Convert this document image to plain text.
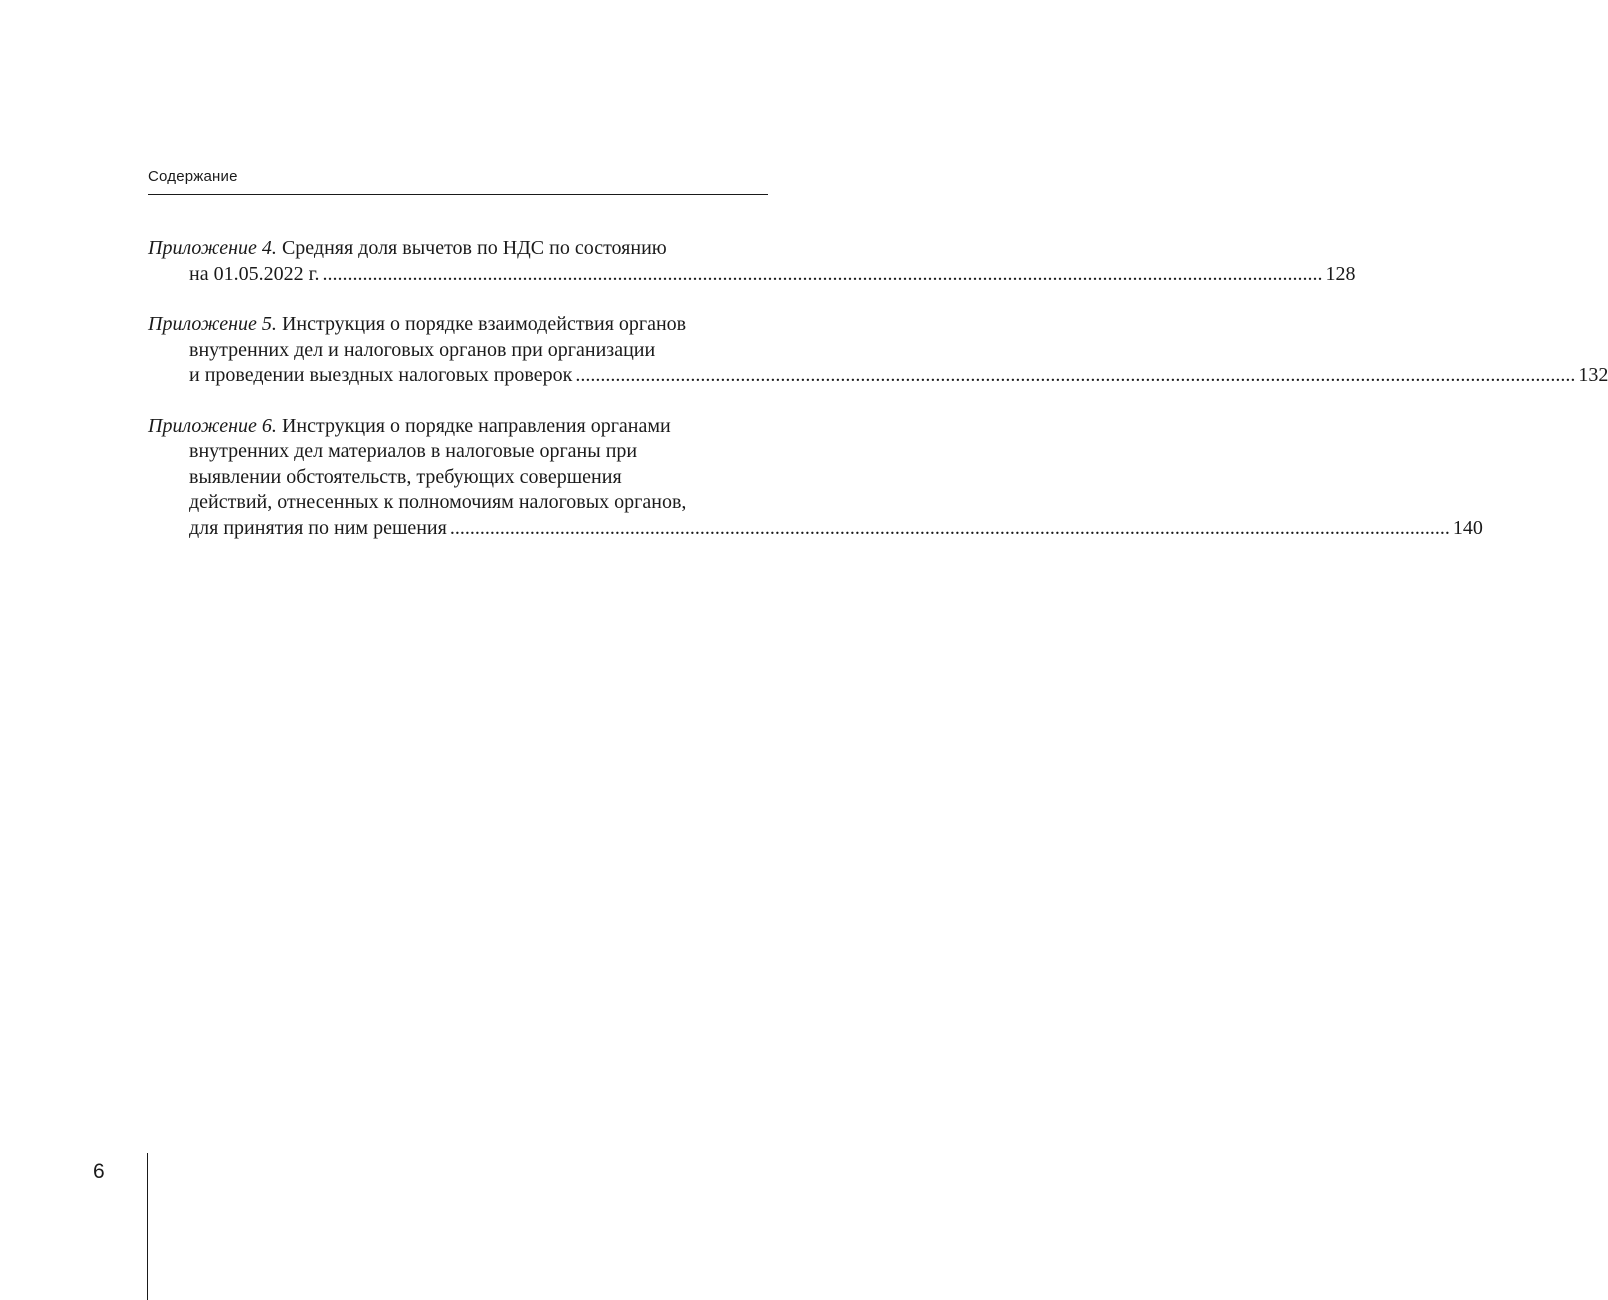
Содержание
Приложение 4. Средняя доля вычетов по НДС по состоянию
на 01.05.2022 г. ........................................................................................................................................................................................................ 128
Приложение 5. Инструкция о порядке взаимодействия органов
внутренних дел и налоговых органов при организации
и проведении выездных налоговых проверок ........................................................................................................................................................................................................ 132
Приложение 6. Инструкция о порядке направления органами
внутренних дел материалов в налоговые органы при
выявлении обстоятельств, требующих совершения
действий, отнесенных к полномочиям налоговых органов,
для принятия по ним решения ........................................................................................................................................................................................................ 140
6
